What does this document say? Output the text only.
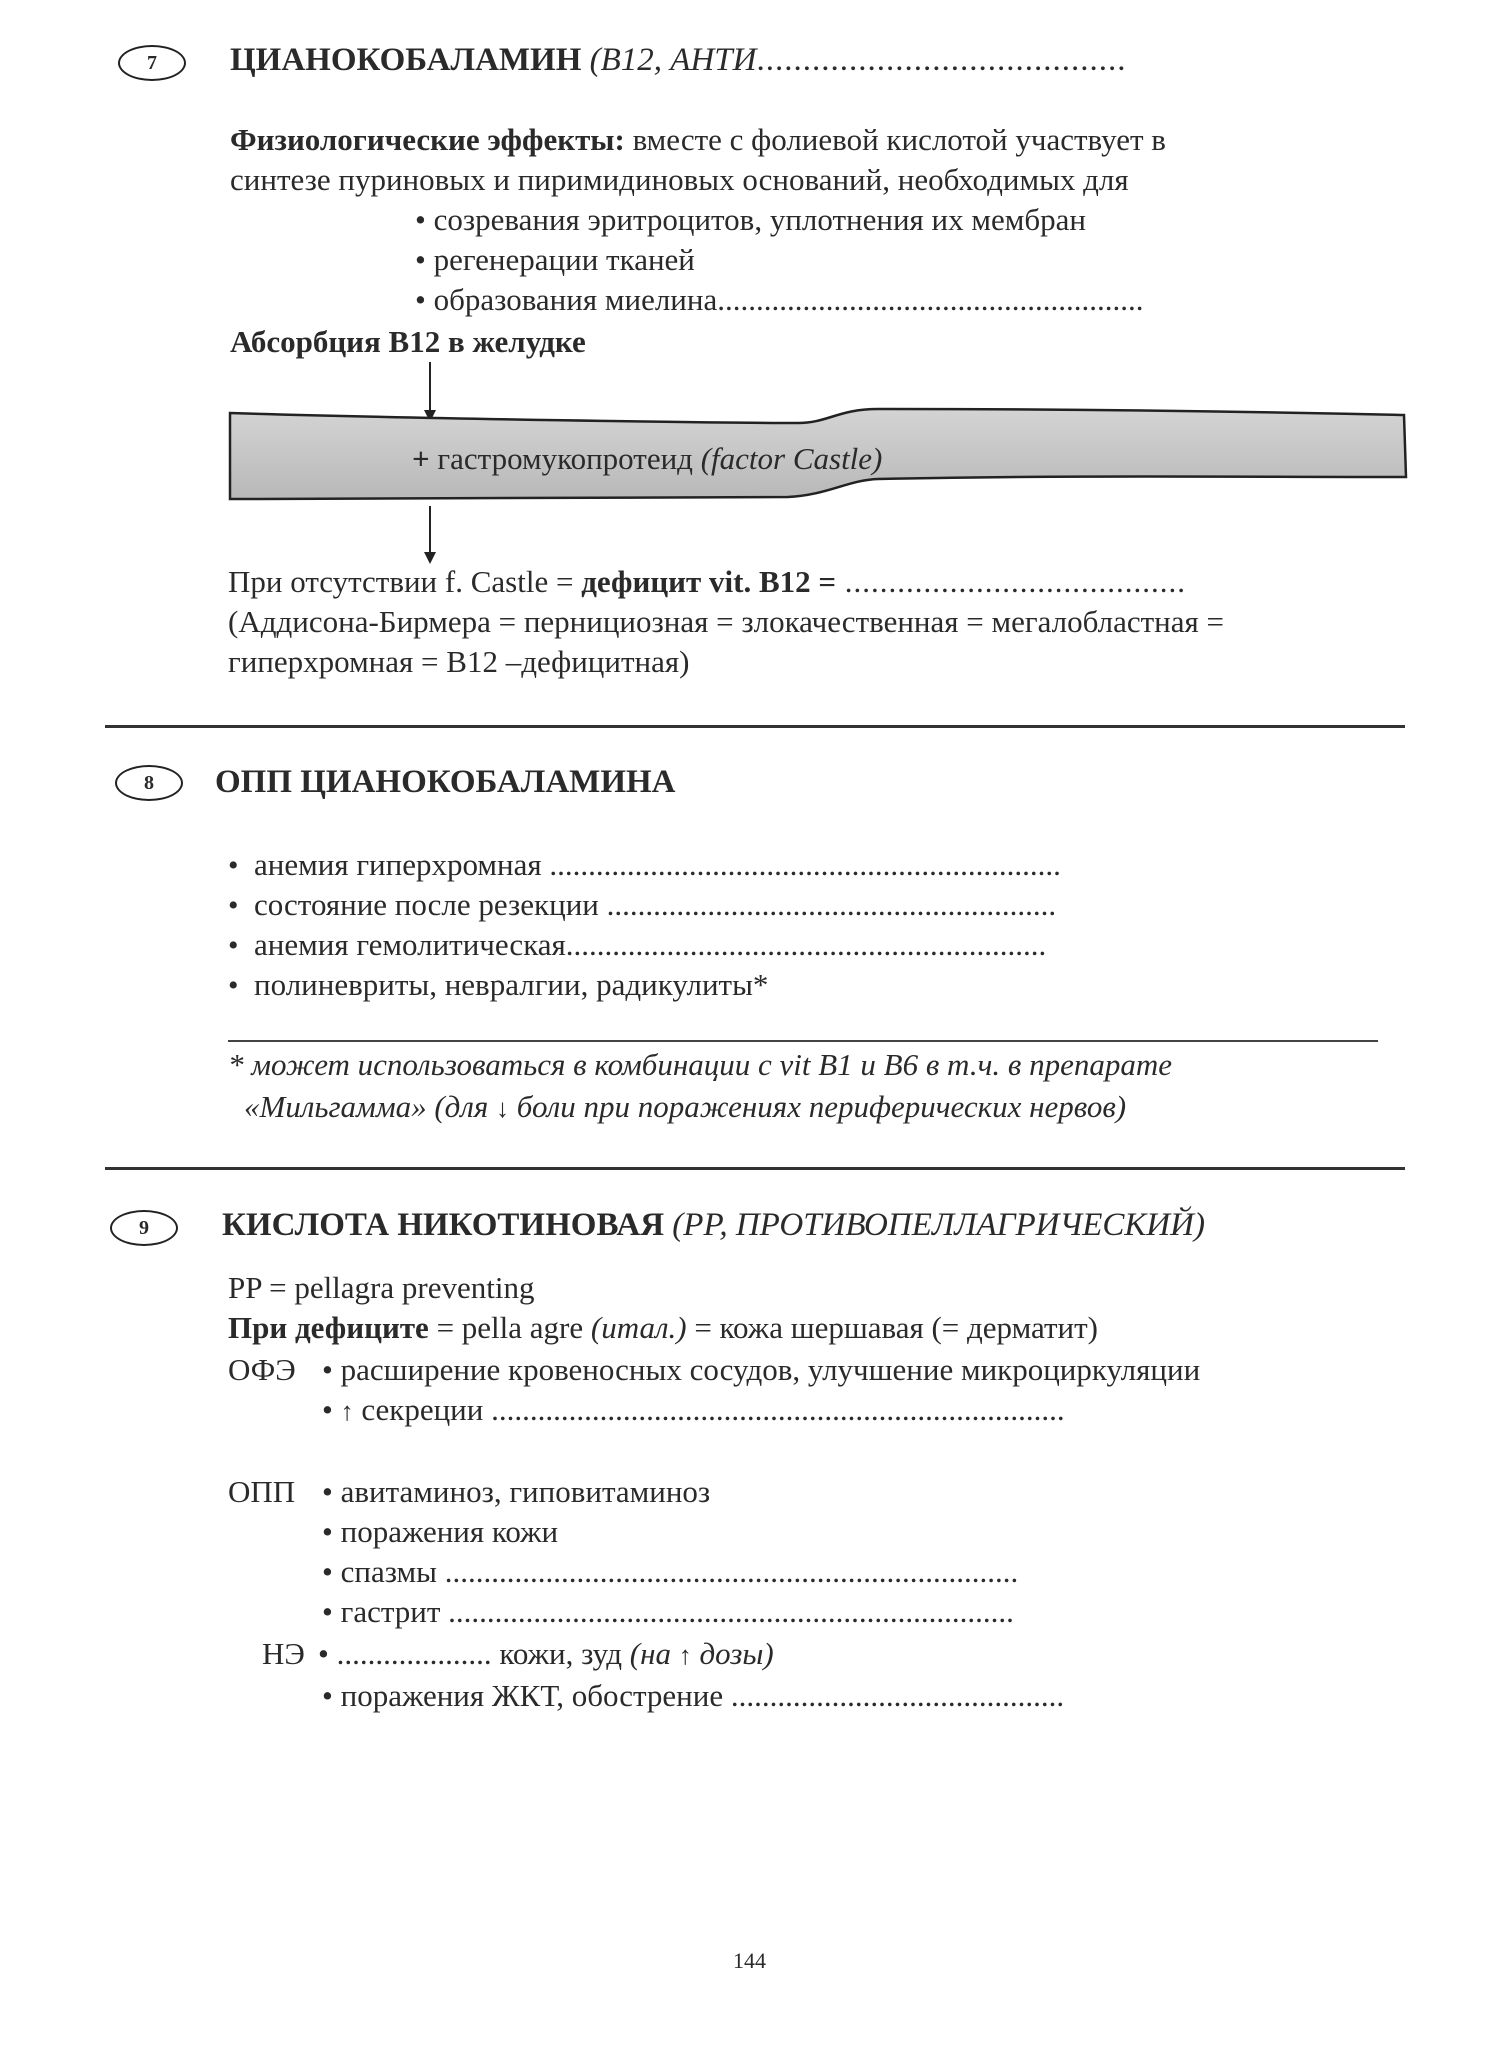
7	ЦИАНОКОБАЛАМИН (B12, АНТИ........................................
Физиологические эффекты: вместе с фолиевой кислотой участвует в
синтезе пуриновых и пиримидиновых оснований, необходимых для
• созревания эритроцитов, уплотнения их мембран
• регенерации тканей
• образования миелина.......................................................
Абсорбция B12 в желудке
+ гастромукопротеид (factor Castle)
При отсутствии f. Castle = дефицит vit. B12 = .......................................
(Аддисона-Бирмера = пернициозная = злокачественная = мегалобластная =
гиперхромная = B12 –дефицитная)
8	ОПП ЦИАНОКОБАЛАМИНА
• анемия гиперхромная ..................................................................
• состояние после резекции ..........................................................
• анемия гемолитическая..............................................................
• полиневриты, невралгии, радикулиты*
* может использоваться в комбинации с vit B1 и B6 в т.ч. в препарате
«Мильгамма» (для ↓ боли при поражениях периферических нервов)
9	КИСЛОТА НИКОТИНОВАЯ (PP, ПРОТИВОПЕЛЛАГРИЧЕСКИЙ)
PP = pellagra preventing
При дефиците = pella agre (итал.) = кожа шершавая (= дерматит)
ОФЭ • расширение кровеносных сосудов, улучшение микроциркуляции
• ↑ секреции ..........................................................................
ОПП • авитаминоз, гиповитаминоз
• поражения кожи
• спазмы ..........................................................................
• гастрит .........................................................................
НЭ • .................... кожи, зуд (на ↑ дозы)
• поражения ЖКТ, обострение ...........................................
144
